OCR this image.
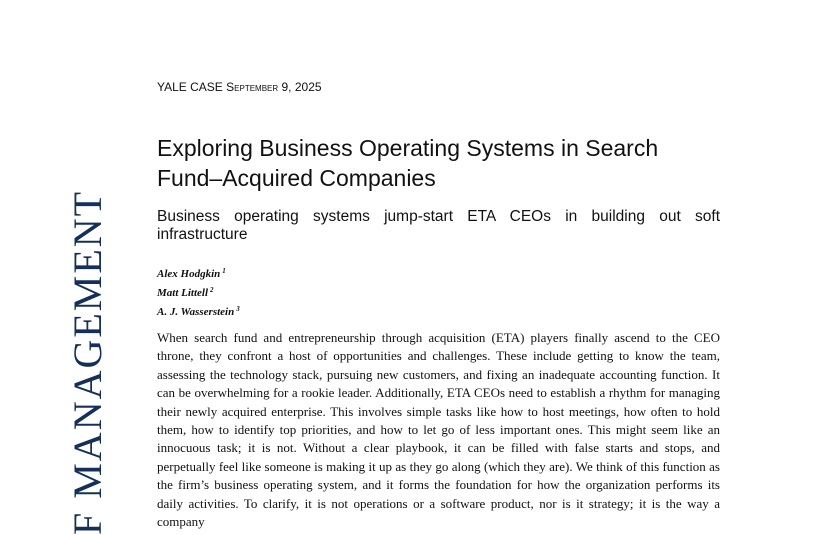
F MANAGEMENT
YALE CASE September 9, 2025
Exploring Business Operating Systems in Search Fund–Acquired Companies
Business operating systems jump-start ETA CEOs in building out soft infrastructure
Alex Hodgkin $^1$
Matt Littell $^2$
A. J. Wasserstein $^3$
When search fund and entrepreneurship through acquisition (ETA) players finally ascend to the CEO throne, they confront a host of opportunities and challenges. These include getting to know the team, assessing the technology stack, pursuing new customers, and fixing an inadequate accounting function. It can be overwhelming for a rookie leader. Additionally, ETA CEOs need to establish a rhythm for managing their newly acquired enterprise. This involves simple tasks like how to host meetings, how often to hold them, how to identify top priorities, and how to let go of less important ones. This might seem like an innocuous task; it is not. Without a clear playbook, it can be filled with false starts and stops, and perpetually feel like someone is making it up as they go along (which they are). We think of this function as the firm’s business operating system, and it forms the foundation for how the organization performs its daily activities. To clarify, it is not operations or a software product, nor is it strategy; it is the way a company
